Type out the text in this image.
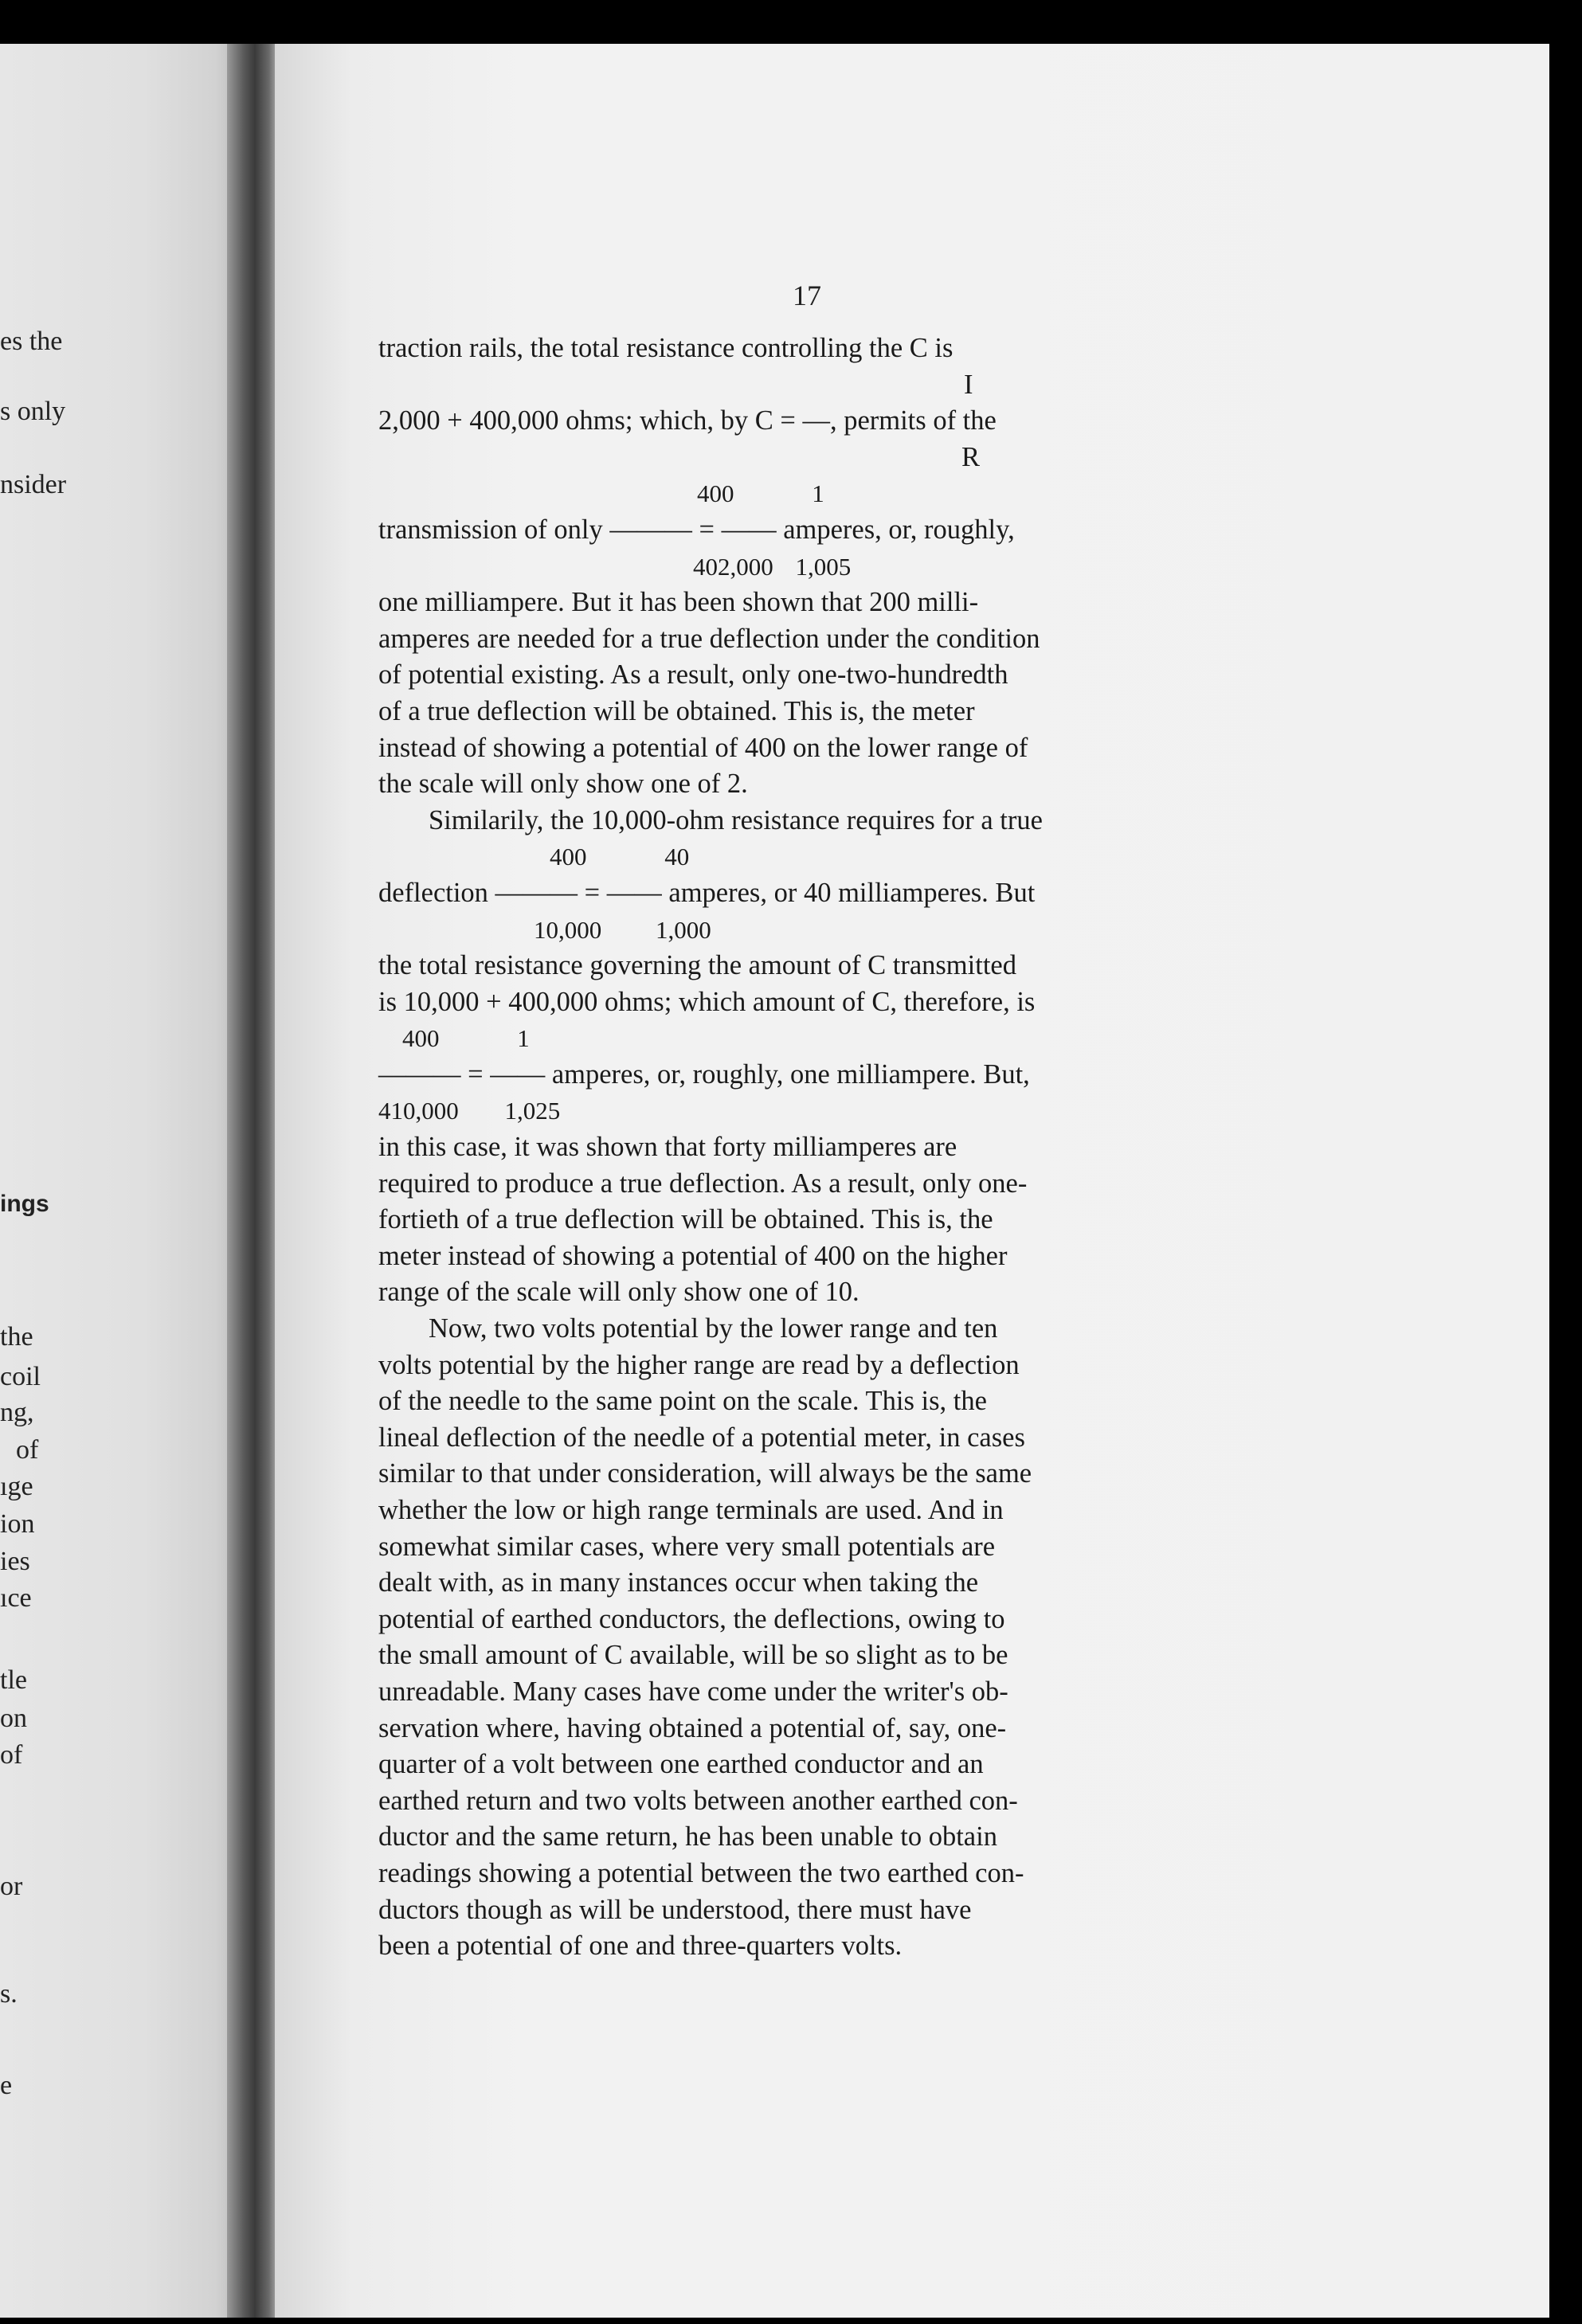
es the
s only
nsider
ings
the
coil
ng,
of
ıge
ion
ies
ıce
tle
on
of
or
s.
e
17
traction rails, the total resistance controlling the C is
I
2,000 + 400,000 ohms; which, by C = —, permits of the
R
400 1
transmission of only ——— = —— amperes, or, roughly,
402,000 1,005
one milliampere. But it has been shown that 200 milli-
amperes are needed for a true deflection under the condition
of potential existing. As a result, only one-two-hundredth
of a true deflection will be obtained. This is, the meter
instead of showing a potential of 400 on the lower range of
the scale will only show one of 2.
Similarily, the 10,000-ohm resistance requires for a true
400 40
deflection ——— = —— amperes, or 40 milliamperes. But
10,000 1,000
the total resistance governing the amount of C transmitted
is 10,000 + 400,000 ohms; which amount of C, therefore, is
400 1
——— = —— amperes, or, roughly, one milliampere. But,
410,000 1,025
in this case, it was shown that forty milliamperes are
required to produce a true deflection. As a result, only one-
fortieth of a true deflection will be obtained. This is, the
meter instead of showing a potential of 400 on the higher
range of the scale will only show one of 10.
Now, two volts potential by the lower range and ten
volts potential by the higher range are read by a deflection
of the needle to the same point on the scale. This is, the
lineal deflection of the needle of a potential meter, in cases
similar to that under consideration, will always be the same
whether the low or high range terminals are used. And in
somewhat similar cases, where very small potentials are
dealt with, as in many instances occur when taking the
potential of earthed conductors, the deflections, owing to
the small amount of C available, will be so slight as to be
unreadable. Many cases have come under the writer's ob-
servation where, having obtained a potential of, say, one-
quarter of a volt between one earthed conductor and an
earthed return and two volts between another earthed con-
ductor and the same return, he has been unable to obtain
readings showing a potential between the two earthed con-
ductors though as will be understood, there must have
been a potential of one and three-quarters volts.
